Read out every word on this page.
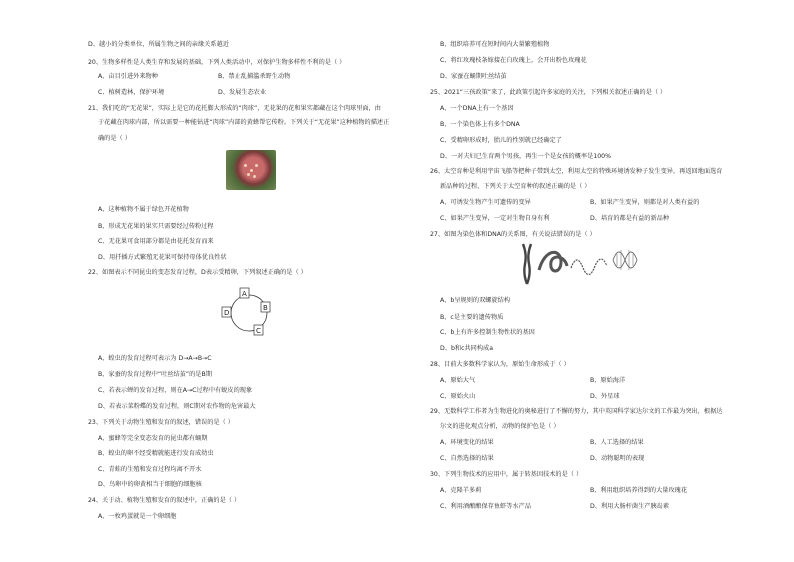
A
B
C
D
D、越小的分类单位，所属生物之间的亲缘关系越近
20、生物多样性是人类生存和发展的基础，下列人类活动中，对保护生物多样性不利的是（ ）
A、亩目引进外来物种	B、禁止乱捕滥杀野生动物
C、植树造林，保护环境	D、发展生态农业
21、我们吃的“无花果”，实际上是它的花托膨大形成的“肉球”，无花果的花和果实都藏在这个肉球里面，由
于花藏在肉球内部，所以需要一种能钻进“肉球”内部的黄蜂帮它传粉。下列关于“无花果”这种植物的描述正
确的是（ ）
A、这种植物不属于绿色开花植物
B、形成无花果的果实只需要经过传粉过程
C、无花果可食用部分都是由花托发育而来
D、用扦插方式繁殖无花果可保持母体优良性状
22、如图表示不同昆虫的变态发育过程，D表示受精卵，下列叙述正确的是（ ）
A、蝗虫的发育过程可表示为 D→A→B→C
B、家蚕的发育过程中“吐丝结茧”的是B期
C、若表示蝉的发育过程，则在A→C过程中有蜕皮的现象
D、若表示菜粉蝶的发育过程，则C期对农作物的危害最大
23、下列关于动物生殖和发育的叙述，错误的是（ ）
A、蜜蜂等完全变态发育的昆虫都有蛹期
B、蝗虫的卵不经受精就能进行发育成幼虫
C、青蛙的生殖和发育过程均离不开水
D、鸟卵中的卵黄相当于细胞的细胞核
24、关于动、植物生殖和发育的叙述中，正确的是（ ）
A、一枚鸡蛋就是一个卵细胞
B、组织培养可在短时间内大量繁殖植物
C、将红玫瑰枝条嫁接在白玫瑰上，会开出粉色玫瑰花
D、家蚕在蛹期吐丝结茧
25、2021“三孩政策”来了，此政策引起许多家庭的关注，下列相关叙述正确的是（ ）
A、一个DNA上有一个基因
B、一个染色体上有多个DNA
C、受精卵形成时，胎儿的性别就已经确定了
D、一对夫妇已生育两个男孩，再生一个是女孩的概率是100%
26、太空育种是利用宇宙飞船等把种子带到太空，利用太空的特殊环境诱发种子发生变异，再返回地面选育
新品种的过程，下列关于太空育种的叙述正确的是（ ）
A、可诱发生物产生可遗传的变异	B、如果产生变异，则都是对人类有益的
C、如果产生变异，一定对生物自身有利	D、培育的都是有益的新品种
27、如图为染色体和DNA的关系图，有关说法错误的是（ ）
A、b呈规则的双螺旋结构
B、c是主要的遗传物质
C、b上有许多控制生物性状的基因
D、b和c共同构成a
28、目前大多数科学家认为，原始生命形成于（ ）
A、原始大气	B、原始海洋
C、原始火山	D、外星球
29、无数科学工作者为生物进化的奥秘进行了不懈的努力，其中英国科学家达尔文的工作最为突出，根据达
尔文的进化观点分析，动物的保护色是（ ）
A、环境变化的结果	B、人工选择的结果
C、自然选择的结果	D、动物聪明的表现
30、下列生物技术的应用中，属于转基因技术的是（ ）
A、克隆羊多莉	B、利用组织培养得到的大量玫瑰花
C、利用酒酿酿保存鱼虾等水产品	D、利用大肠杆菌生产胰岛素
